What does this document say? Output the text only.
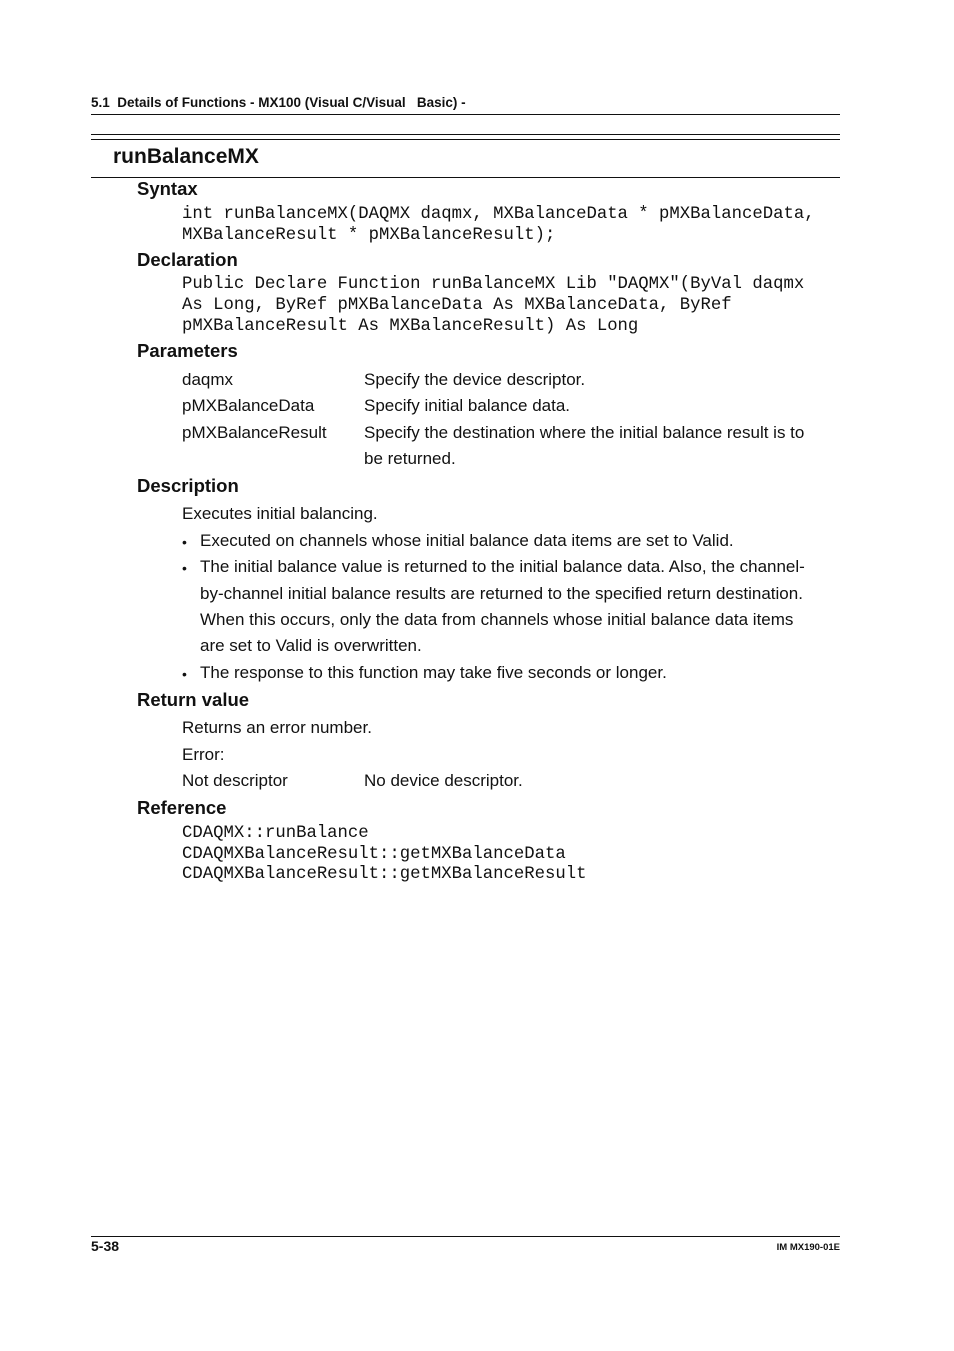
5.1  Details of Functions - MX100 (Visual C/Visual   Basic) -
runBalanceMX
Syntax
int runBalanceMX(DAQMX daqmx, MXBalanceData * pMXBalanceData,
MXBalanceResult * pMXBalanceResult);
Declaration
Public Declare Function runBalanceMX Lib "DAQMX"(ByVal daqmx
As Long, ByRef pMXBalanceData As MXBalanceData, ByRef
pMXBalanceResult As MXBalanceResult) As Long
Parameters
daqmx	Specify the device descriptor.
pMXBalanceData	Specify initial balance data.
pMXBalanceResult Specify the destination where the initial balance result is to
be returned.
Description
Executes initial balancing.
• Executed on channels whose initial balance data items are set to Valid.
• The initial balance value is returned to the initial balance data. Also, the channel-
by-channel initial balance results are returned to the specified return destination.
When this occurs, only the data from channels whose initial balance data items
are set to Valid is overwritten.
• The response to this function may take five seconds or longer.
Return value
Returns an error number.
Error:
Not descriptor	No device descriptor.
Reference
CDAQMX::runBalance
CDAQMXBalanceResult::getMXBalanceData
CDAQMXBalanceResult::getMXBalanceResult
5-38	IM MX190-01E
